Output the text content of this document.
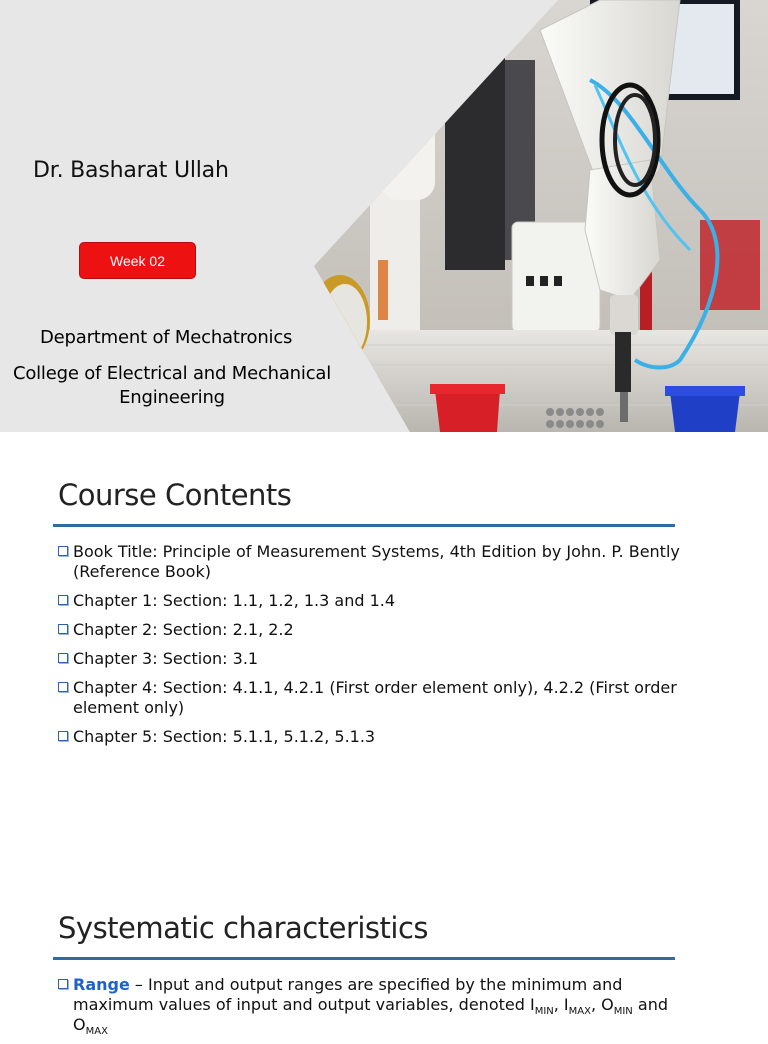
Dr. Basharat Ullah
Week 02
Department of Mechatronics
College of Electrical and Mechanical
Engineering
Course Contents
Book Title: Principle of Measurement Systems, 4th Edition by John. P. Bently
(Reference Book)
Chapter 1: Section: 1.1, 1.2, 1.3 and 1.4
Chapter 2: Section: 2.1, 2.2
Chapter 3: Section: 3.1
Chapter 4: Section: 4.1.1, 4.2.1 (First order element only), 4.2.2 (First order
element only)
Chapter 5: Section: 5.1.1, 5.1.2, 5.1.3
Systematic characteristics
Range – Input and output ranges are specified by the minimum and
maximum values of input and output variables, denoted $I_{MIN}$, $I_{MAX}$, $O_{MIN}$ and
$O_{MAX}$
